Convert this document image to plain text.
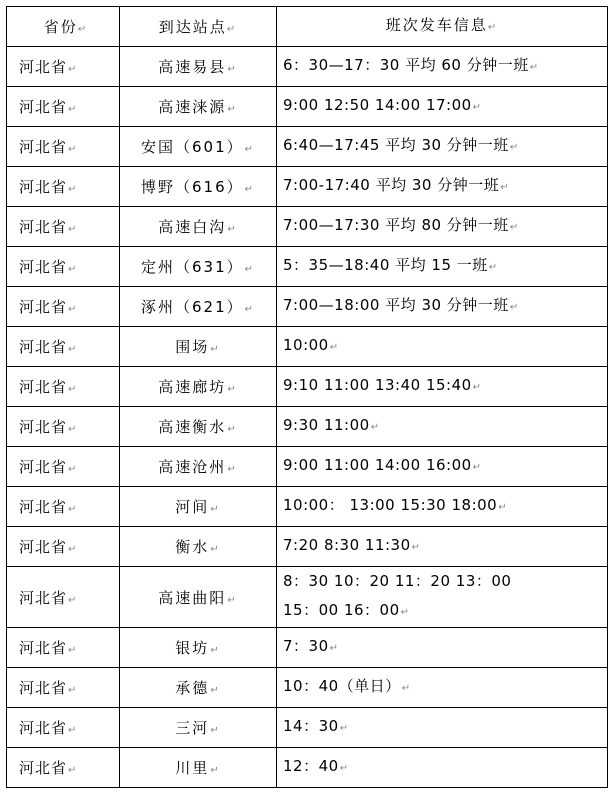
省份↵	到达站点↵	班次发车信息↵
河北省↵	高速易县↵	6：30—17：30 平均 60 分钟一班↵

河北省↵	高速涞源↵	9:00 12:50 14:00 17:00↵

河北省↵	安国（601）↵	6:40—17:45 平均 30 分钟一班↵

河北省↵	博野（616）↵	7:00-17:40 平均 30 分钟一班↵

河北省↵	高速白沟↵	7:00—17:30 平均 80 分钟一班↵

河北省↵	定州（631）↵	5：35—18:40 平均 15 一班↵

河北省↵	涿州（621）↵	7:00—18:00 平均 30 分钟一班↵

河北省↵	围场↵	10:00↵

河北省↵	高速廊坊↵	9:10 11:00 13:40 15:40↵

河北省↵	高速衡水↵	9:30 11:00↵

河北省↵	高速沧州↵	9:00 11:00 14:00 16:00↵

河北省↵	河间↵	10:00： 13:00 15:30 18:00↵

河北省↵	衡水↵	7:20 8:30 11:30↵

河北省↵	高速曲阳↵	8：30 10：20 11：20 13：00
15：00 16：00↵

河北省↵	银坊↵	7：30↵

河北省↵	承德↵	10：40（单日）↵

河北省↵	三河↵	14：30↵

河北省↵	川里↵	12：40↵
